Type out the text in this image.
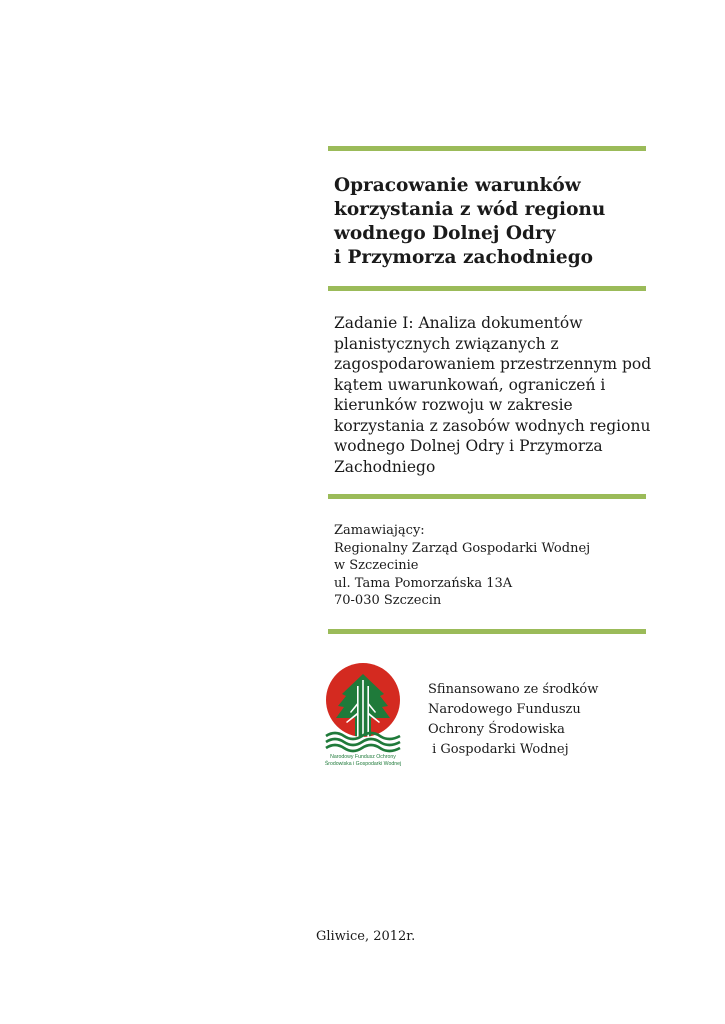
Opracowanie warunków
korzystania z wód regionu
wodnego Dolnej Odry
i Przymorza zachodniego

Zadanie I: Analiza dokumentów
planistycznych związanych z
zagospodarowaniem przestrzennym pod
kątem uwarunkowań, ograniczeń i
kierunków rozwoju w zakresie
korzystania z zasobów wodnych regionu
wodnego Dolnej Odry i Przymorza
Zachodniego

Zamawiający:
Regionalny Zarząd Gospodarki Wodnej
w Szczecinie
ul. Tama Pomorzańska 13A
70-030 Szczecin

Narodowy Fundusz Ochrony
Środowiska i Gospodarki Wodnej

Sfinansowano ze środków
Narodowego Funduszu
Ochrony Środowiska
i Gospodarki Wodnej

Gliwice, 2012r.
